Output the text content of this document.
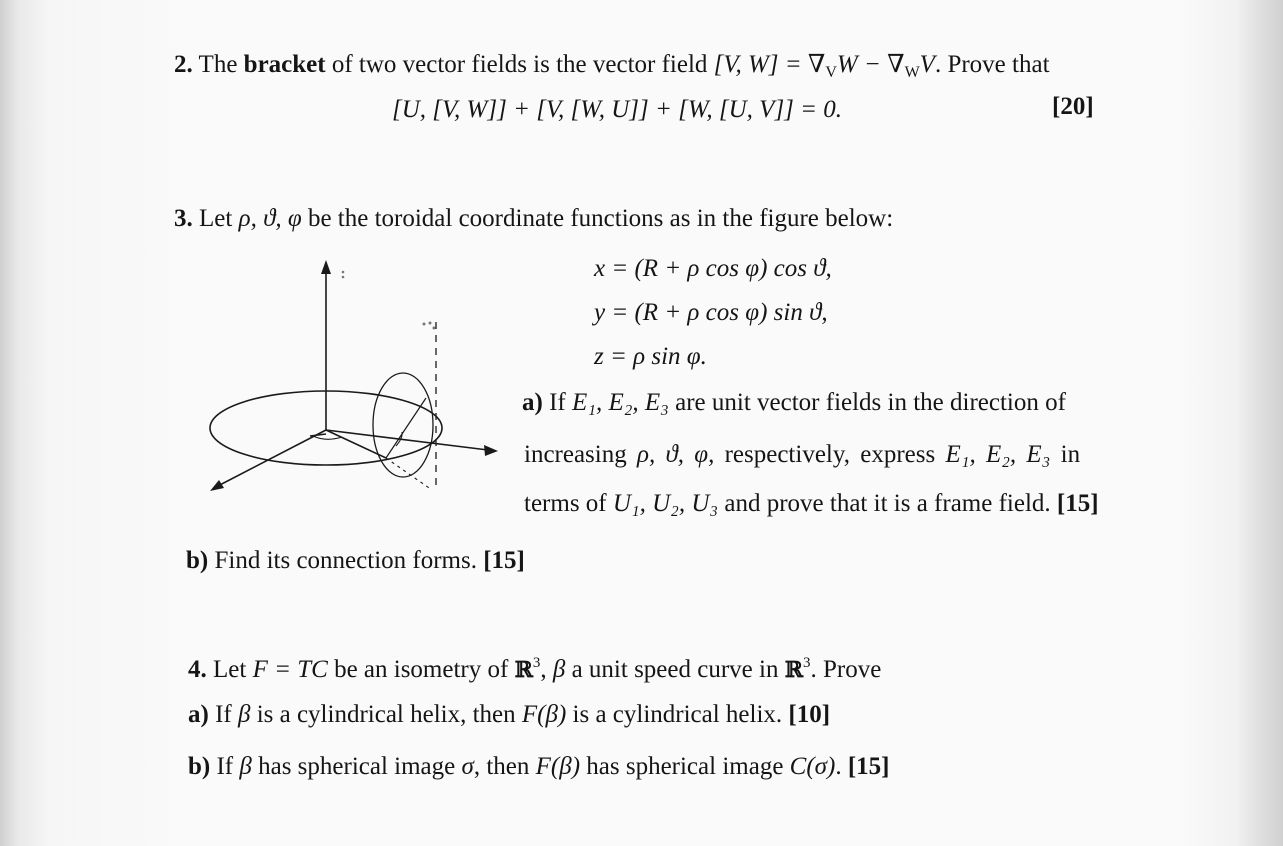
2. The bracket of two vector fields is the vector field [V, $W] = \nabla_VW - \nabla_WV$. Prove that
[U, [V, W]] + [V, [W, U]] + [W, [U, V]] = 0.	[20]
3. Let ρ, ϑ, φ be the toroidal coordinate functions as in the figure below:
x = (R + ρ cos φ) cos ϑ,
y = (R + ρ cos φ) sin ϑ,
z = ρ sin φ.
a) If E₁, E₂, E₃ are unit vector fields in the direction of
increasing ρ, ϑ, φ, respectively, express E₁, E₂, E₃ in
terms of U₁, U₂, U₃ and prove that it is a frame field. [15]
b) Find its connection forms. [15]
4. Let F = TC be an isometry of ℝ$^3$, β a unit speed curve in ℝ$^3$. Prove
a) If β is a cylindrical helix, then F(β) is a cylindrical helix. [10]
b) If β has spherical image σ, then F(β) has spherical image C(σ). [15]
